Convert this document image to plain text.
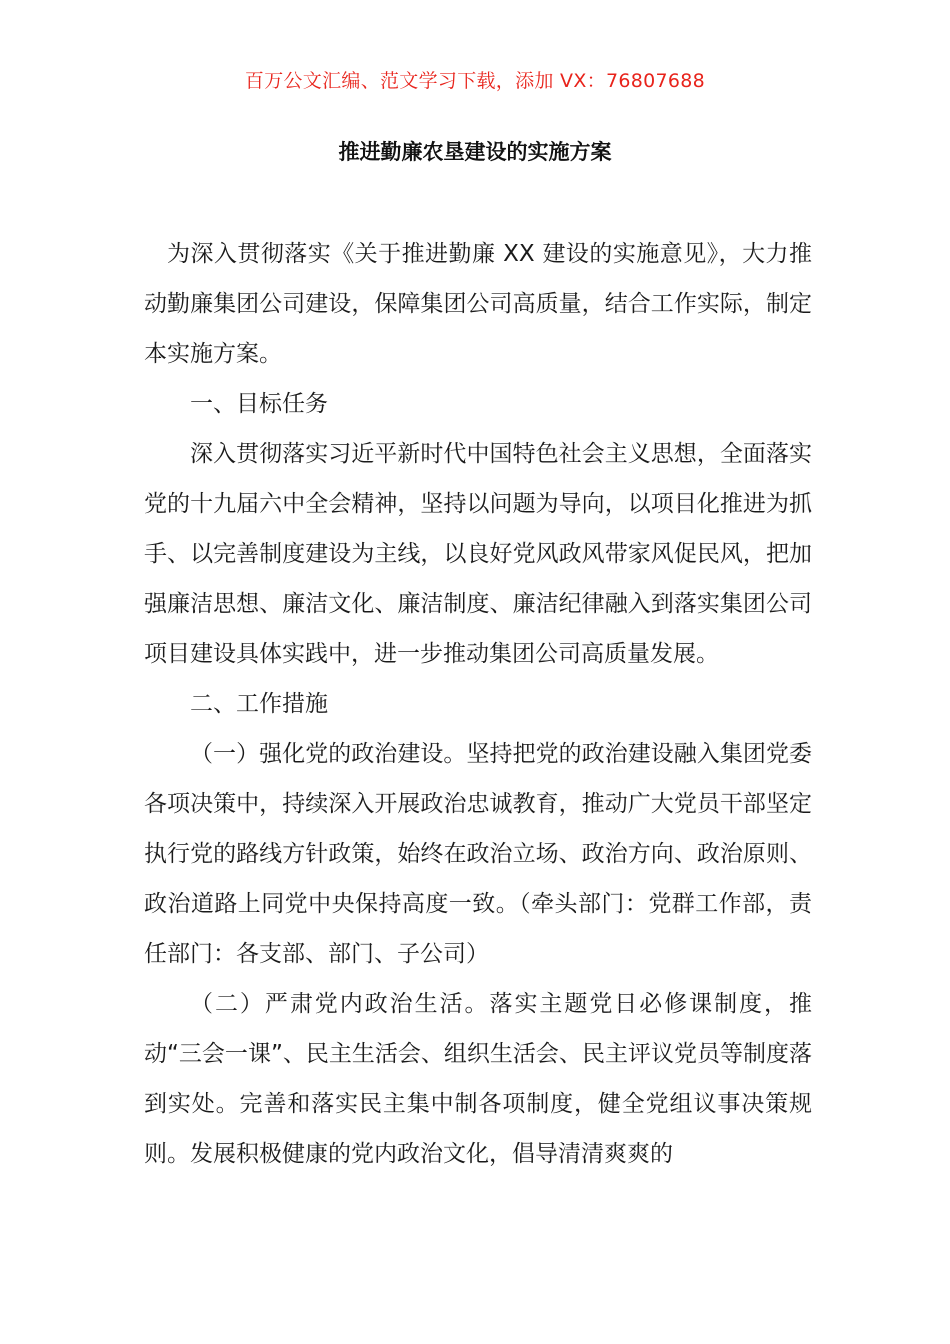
百万公文汇编、范文学习下载，添加 VX：76807688
推进勤廉农垦建设的实施方案

为深入贯彻落实《关于推进勤廉 XX 建设的实施意见》，大力推动勤廉集团公司建设，保障集团公司高质量，结合工作实际，制定本实施方案。

一、目标任务

深入贯彻落实习近平新时代中国特色社会主义思想，全面落实党的十九届六中全会精神，坚持以问题为导向，以项目化推进为抓手、以完善制度建设为主线，以良好党风政风带家风促民风，把加强廉洁思想、廉洁文化、廉洁制度、廉洁纪律融入到落实集团公司项目建设具体实践中，进一步推动集团公司高质量发展。

二、工作措施

（一）强化党的政治建设。坚持把党的政治建设融入集团党委各项决策中，持续深入开展政治忠诚教育，推动广大党员干部坚定执行党的路线方针政策，始终在政治立场、政治方向、政治原则、政治道路上同党中央保持高度一致。（牵头部门：党群工作部，责任部门：各支部、部门、子公司）

（二）严肃党内政治生活。落实主题党日必修课制度，推动“三会一课”、民主生活会、组织生活会、民主评议党员等制度落到实处。完善和落实民主集中制各项制度，健全党组议事决策规则。发展积极健康的党内政治文化，倡导清清爽爽的
